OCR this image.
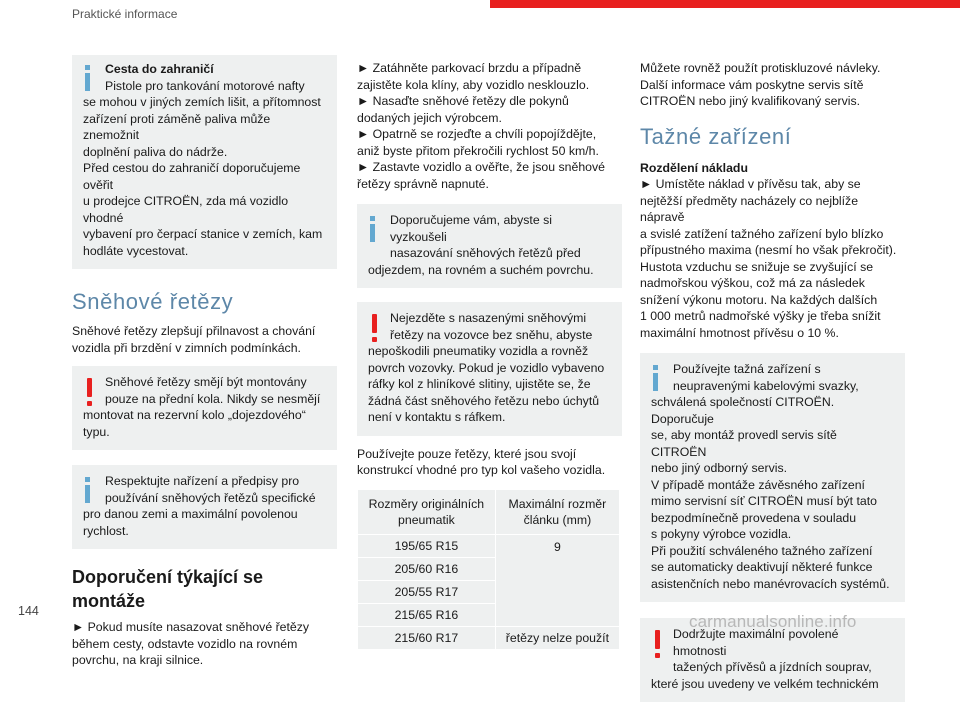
Praktické informace
Cesta do zahraničí
Pistole pro tankování motorové nafty
se mohou v jiných zemích lišit, a přítomnost
zařízení proti záměně paliva může znemožnit
doplnění paliva do nádrže.
Před cestou do zahraničí doporučujeme ověřit
u prodejce CITROËN, zda má vozidlo vhodné
vybavení pro čerpací stanice v zemích, kam
hodláte vycestovat.
Sněhové řetězy
Sněhové řetězy zlepšují přilnavost a chování
vozidla při brzdění v zimních podmínkách.
Sněhové řetězy smějí být montovány
pouze na přední kola. Nikdy se nesmějí
montovat na rezervní kolo „dojezdového“
typu.
Respektujte nařízení a předpisy pro
používání sněhových řetězů specifické
pro danou zemi a maximální povolenou
rychlost.
Doporučení týkající se
montáže
► Pokud musíte nasazovat sněhové řetězy
během cesty, odstavte vozidlo na rovném
povrchu, na kraji silnice.
► Zatáhněte parkovací brzdu a případně
zajistěte kola klíny, aby vozidlo nesklouzlo.
► Nasaďte sněhové řetězy dle pokynů
dodaných jejich výrobcem.
► Opatrně se rozjeďte a chvíli popojíždějte,
aniž byste přitom překročili rychlost 50 km/h.
► Zastavte vozidlo a ověřte, že jsou sněhové
řetězy správně napnuté.
Doporučujeme vám, abyste si vyzkoušeli
nasazování sněhových řetězů před
odjezdem, na rovném a suchém povrchu.
Nejezděte s nasazenými sněhovými
řetězy na vozovce bez sněhu, abyste
nepoškodili pneumatiky vozidla a rovněž
povrch vozovky. Pokud je vozidlo vybaveno
ráfky kol z hliníkové slitiny, ujistěte se, že
žádná část sněhového řetězu nebo úchytů
není v kontaktu s ráfkem.
Používejte pouze řetězy, které jsou svojí
konstrukcí vhodné pro typ kol vašeho vozidla.
Rozměry originálních
pneumatik	Maximální rozměr
článku (mm)

195/65 R15	9
205/60 R16	
205/55 R17	
215/65 R16	
215/60 R17	řetězy nelze použít
Můžete rovněž použít protiskluzové návleky.
Další informace vám poskytne servis sítě
CITROËN nebo jiný kvalifikovaný servis.
Tažné zařízení
Rozdělení nákladu
► Umístěte náklad v přívěsu tak, aby se
nejtěžší předměty nacházely co nejblíže nápravě
a svislé zatížení tažného zařízení bylo blízko
přípustného maxima (nesmí ho však překročit).
Hustota vzduchu se snižuje se zvyšující se
nadmořskou výškou, což má za následek
snížení výkonu motoru. Na každých dalších
1 000 metrů nadmořské výšky je třeba snížit
maximální hmotnost přívěsu o 10 %.
Používejte tažná zařízení s
neupravenými kabelovými svazky,
schválená společností CITROËN. Doporučuje
se, aby montáž provedl servis sítě CITROËN
nebo jiný odborný servis.
V případě montáže závěsného zařízení
mimo servisní síť CITROËN musí být tato
bezpodmínečně provedena v souladu
s pokyny výrobce vozidla.
Při použití schváleného tažného zařízení
se automaticky deaktivují některé funkce
asistenčních nebo manévrovacích systémů.
Dodržujte maximální povolené hmotnosti
tažených přívěsů a jízdních souprav,
které jsou uvedeny ve velkém technickém
144
carmanualsonline.info
